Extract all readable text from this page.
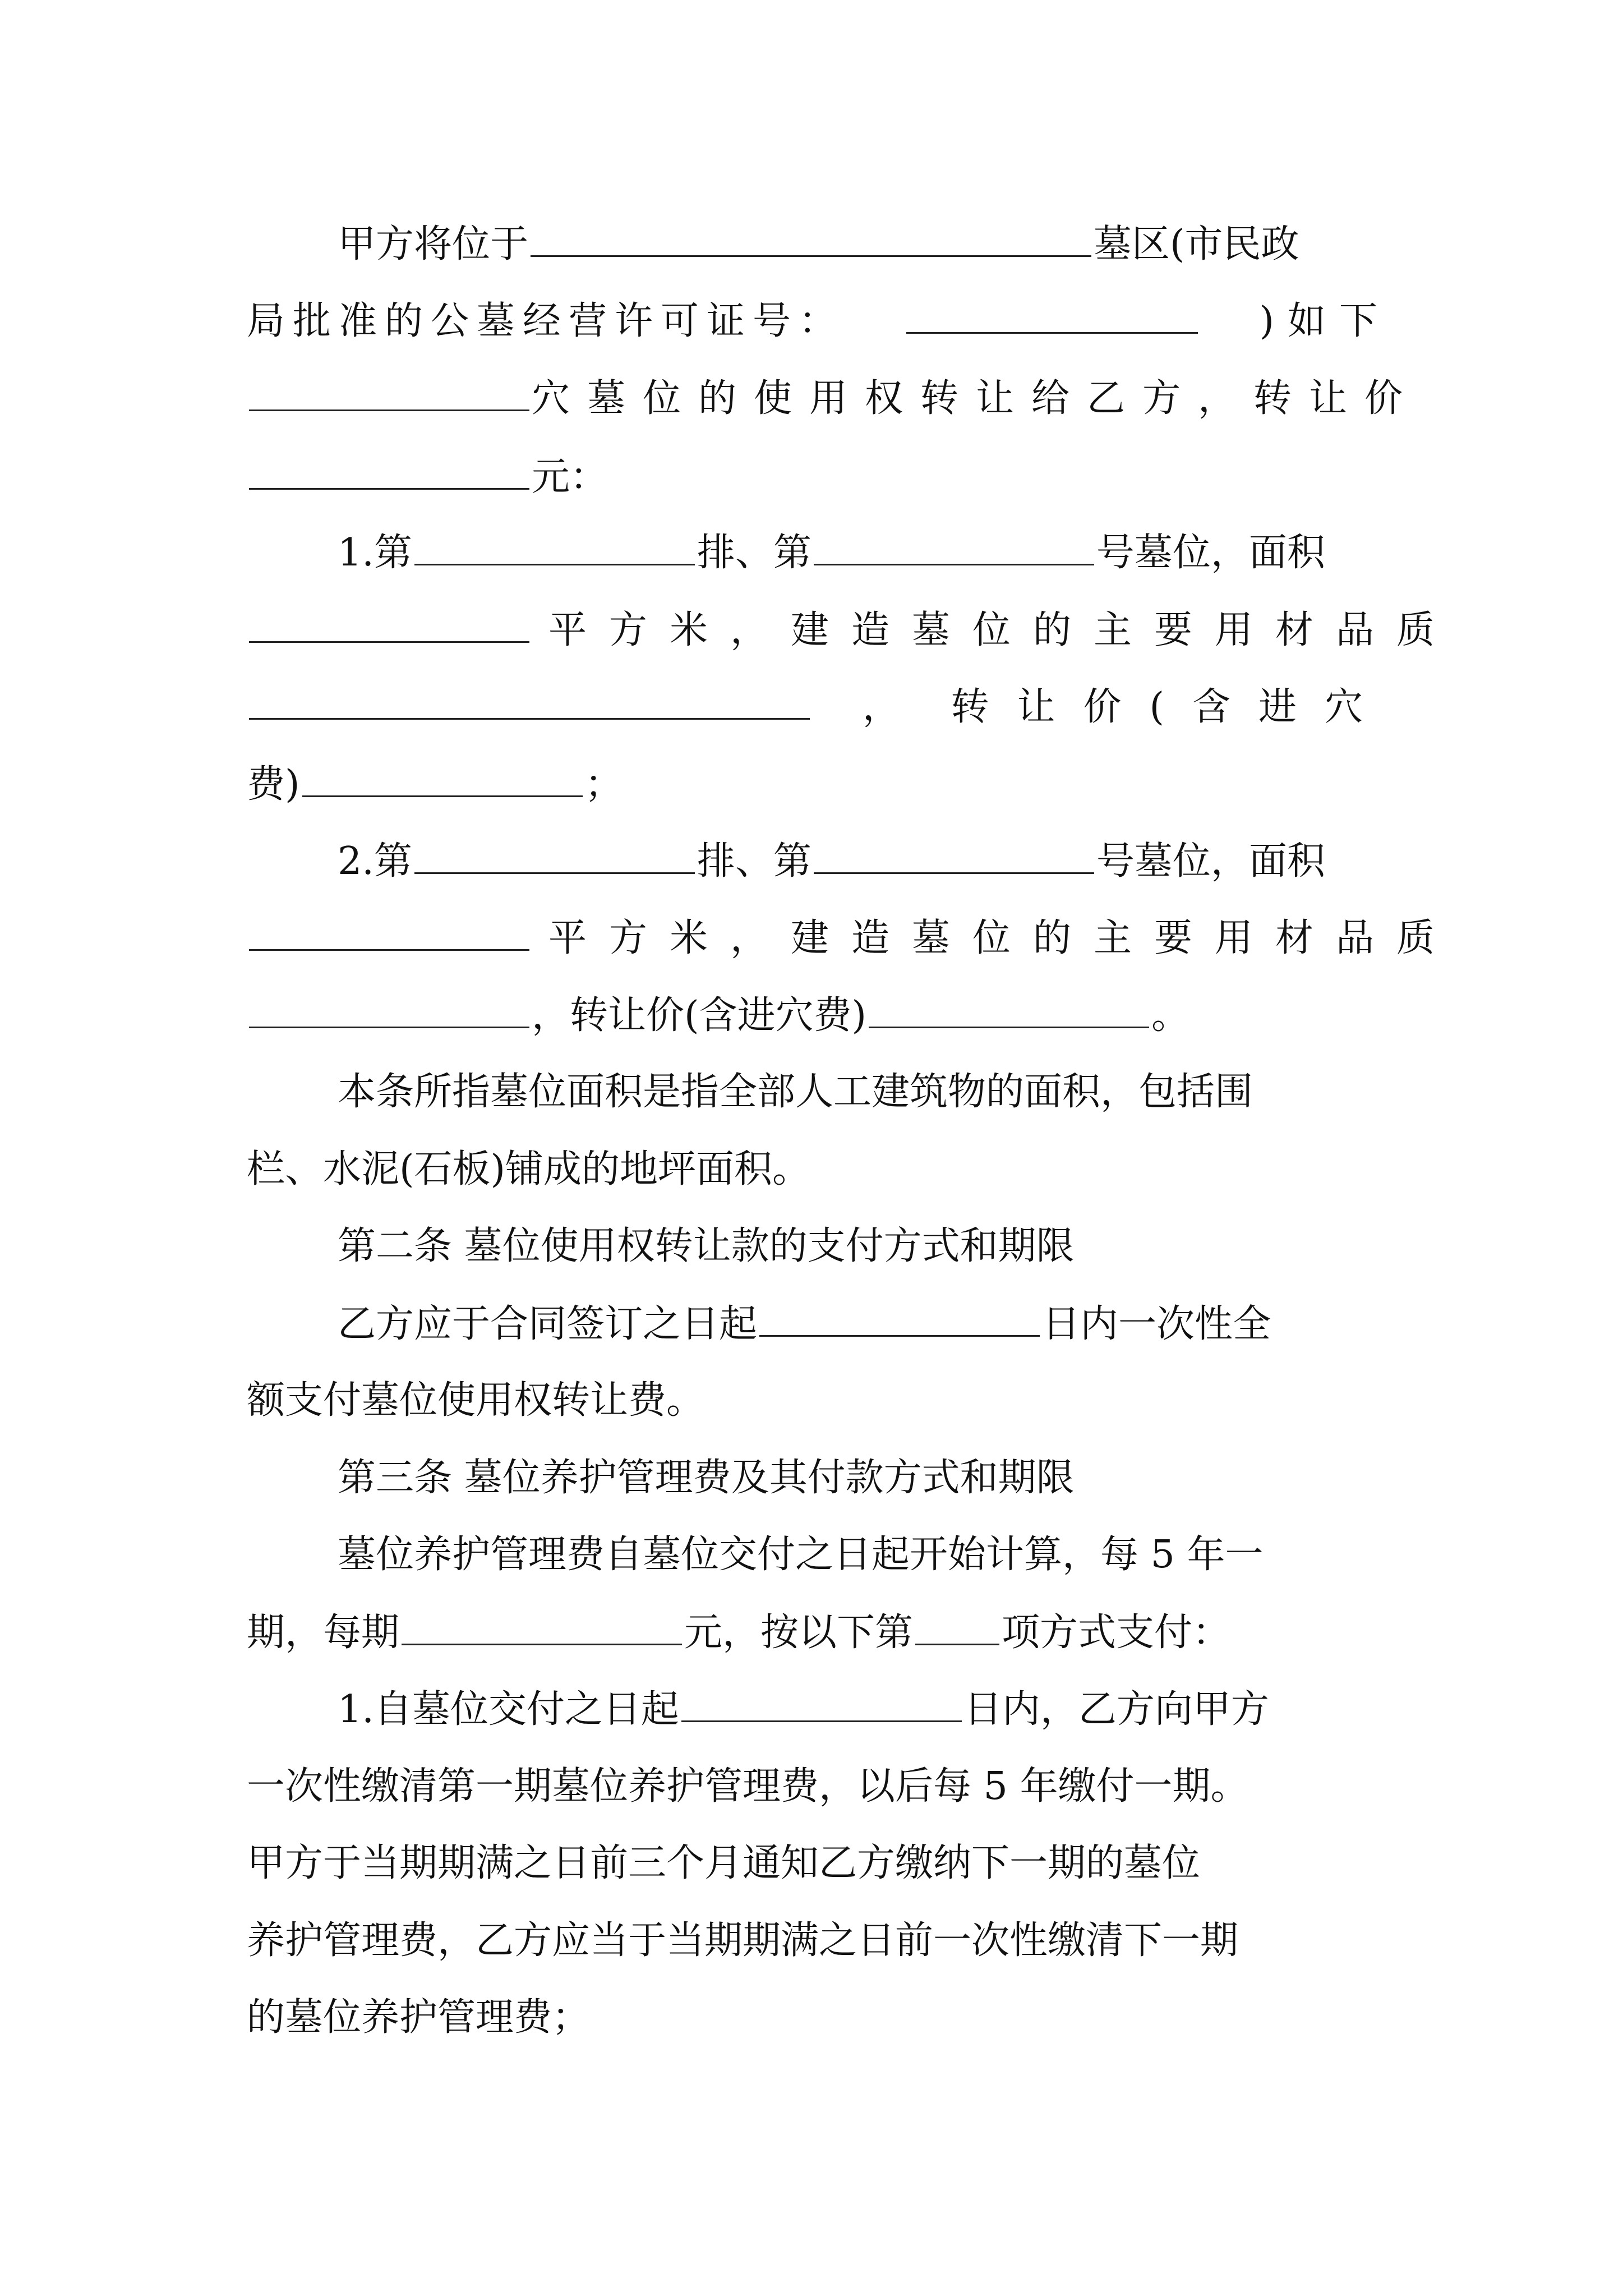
甲方将位于	墓区(市民政
局批准的公墓经营许可证号：	)如下
穴墓位的使用权转让给乙方，转让价
元：
1.第	排、第	号墓位，面积
平方米，建造墓位的主要用材品质
， 转让价(含进穴
费)	；
2.第	排、第	号墓位，面积
平方米，建造墓位的主要用材品质
，转让价(含进穴费)	。
本条所指墓位面积是指全部人工建筑物的面积，包括围
栏、水泥(石板)铺成的地坪面积。
第二条 墓位使用权转让款的支付方式和期限
乙方应于合同签订之日起	日内一次性全
额支付墓位使用权转让费。
第三条 墓位养护管理费及其付款方式和期限
墓位养护管理费自墓位交付之日起开始计算，每 5 年一
期，每期	元，按以下第 项方式支付：
1.自墓位交付之日起	日内，乙方向甲方
一次性缴清第一期墓位养护管理费，以后每 5 年缴付一期。
甲方于当期期满之日前三个月通知乙方缴纳下一期的墓位
养护管理费，乙方应当于当期期满之日前一次性缴清下一期
的墓位养护管理费；
